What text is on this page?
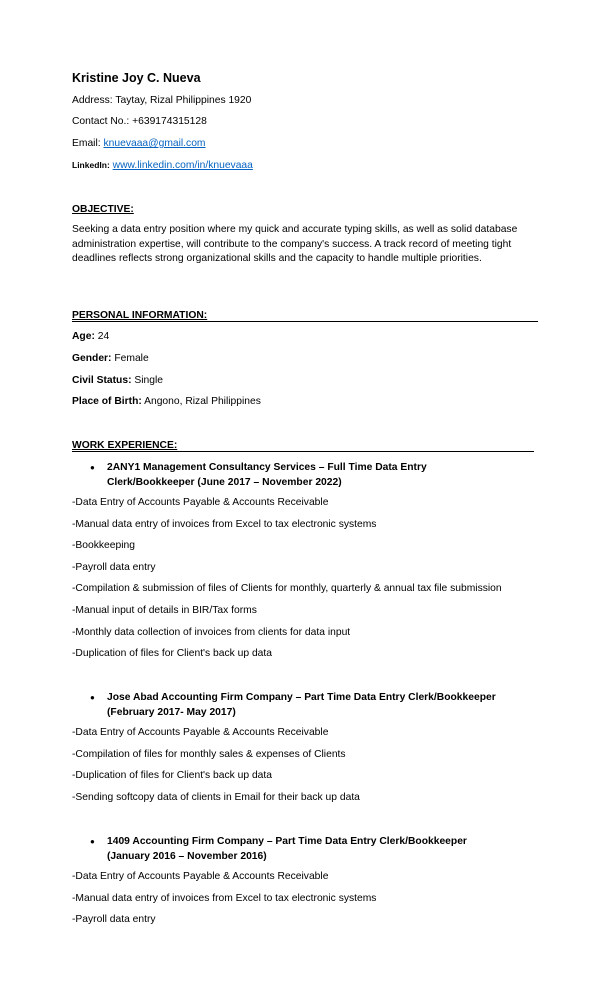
Kristine Joy C. Nueva
Address: Taytay, Rizal Philippines 1920
Contact No.: +639174315128
Email: knuevaaa@gmail.com
LinkedIn: www.linkedin.com/in/knuevaaa
OBJECTIVE:
Seeking a data entry position where my quick and accurate typing skills, as well as solid database administration expertise, will contribute to the company's success. A track record of meeting tight deadlines reflects strong organizational skills and the capacity to handle multiple priorities.
PERSONAL INFORMATION:
Age: 24
Gender: Female
Civil Status: Single
Place of Birth: Angono, Rizal Philippines
WORK EXPERIENCE:
●	2ANY1 Management Consultancy Services – Full Time Data Entry
Clerk/Bookkeeper (June 2017 – November 2022)
-Data Entry of Accounts Payable & Accounts Receivable
-Manual data entry of invoices from Excel to tax electronic systems
-Bookkeeping
-Payroll data entry
-Compilation & submission of files of Clients for monthly, quarterly & annual tax file submission
-Manual input of details in BIR/Tax forms
-Monthly data collection of invoices from clients for data input
-Duplication of files for Client's back up data
●	Jose Abad Accounting Firm Company – Part Time Data Entry Clerk/Bookkeeper
(February 2017- May 2017)
-Data Entry of Accounts Payable & Accounts Receivable
-Compilation of files for monthly sales & expenses of Clients
-Duplication of files for Client's back up data
-Sending softcopy data of clients in Email for their back up data
●	1409 Accounting Firm Company – Part Time Data Entry Clerk/Bookkeeper
(January 2016 – November 2016)
-Data Entry of Accounts Payable & Accounts Receivable
-Manual data entry of invoices from Excel to tax electronic systems
-Payroll data entry
